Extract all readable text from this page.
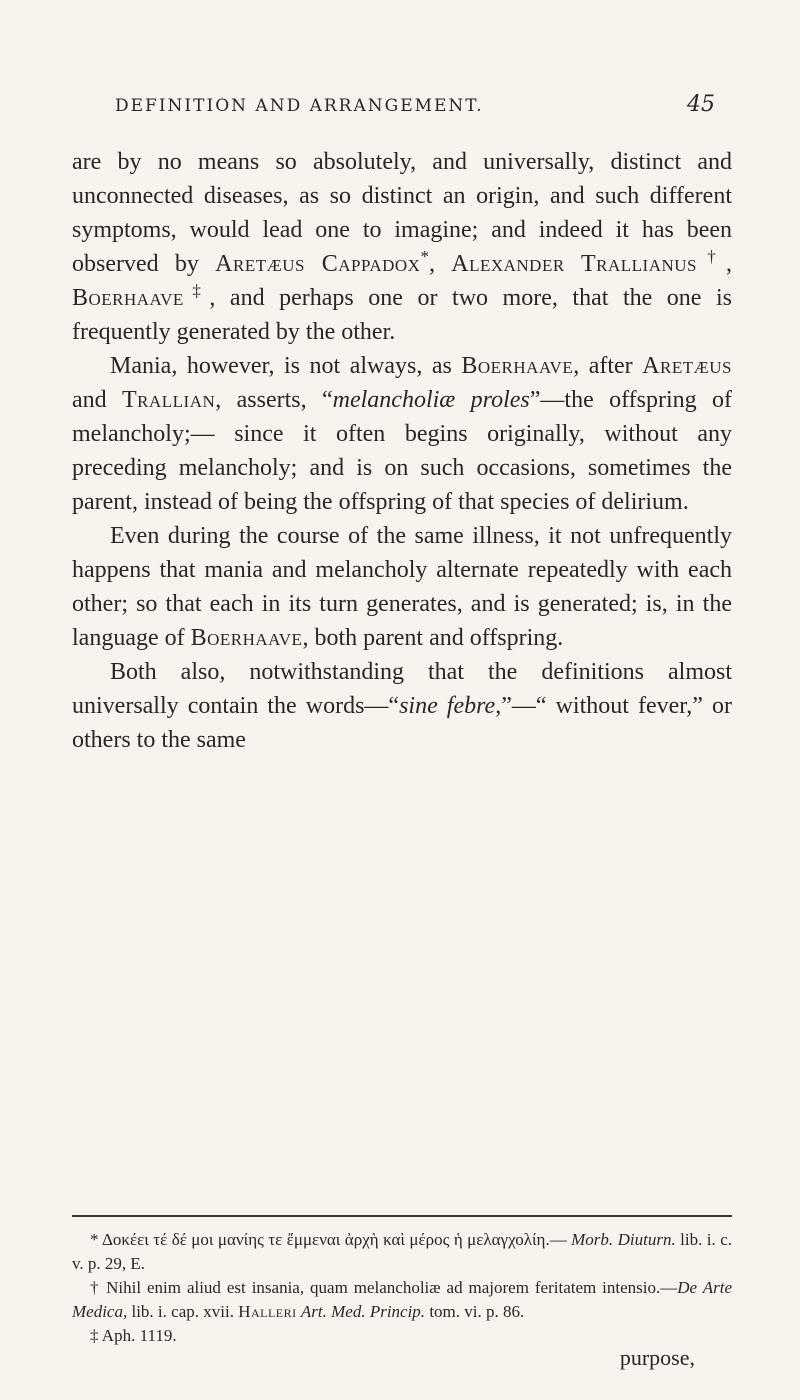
DEFINITION AND ARRANGEMENT.	45

are by no means so absolutely, and universally, distinct and unconnected diseases, as so distinct an origin, and such different symptoms, would lead one to imagine; and indeed it has been observed by Aretæus Cappadox*, Alexander Trallianus†, Boerhaave‡, and perhaps one or two more, that the one is frequently generated by the other.

Mania, however, is not always, as Boerhaave, after Aretæus and Trallian, asserts, “melancholiæ proles”—the offspring of melancholy;— since it often begins originally, without any preceding melancholy; and is on such occasions, sometimes the parent, instead of being the offspring of that species of delirium.

Even during the course of the same illness, it not unfrequently happens that mania and melancholy alternate repeatedly with each other; so that each in its turn generates, and is generated; is, in the language of Boerhaave, both parent and offspring.

Both also, notwithstanding that the definitions almost universally contain the words—“sine febre,”—“ without fever,” or others to the same

* Δοκέει τέ δέ μοι μανίης τε ἔμμεναι ἀρχὴ καὶ μέρος ἡ μελαγχολίη.— Morb. Diuturn. lib. i. c. v. p. 29, E.

† Nihil enim aliud est insania, quam melancholiæ ad majorem feritatem intensio.—De Arte Medica, lib. i. cap. xvii. Halleri Art. Med. Princip. tom. vi. p. 86.

‡ Aph. 1119.

purpose,
